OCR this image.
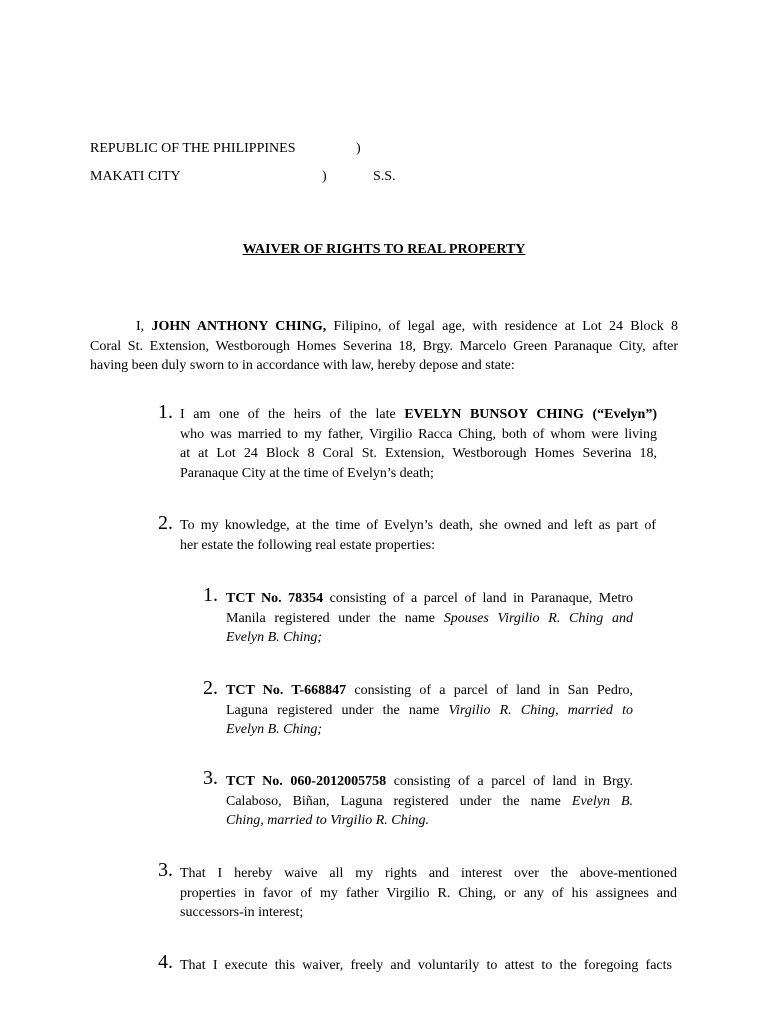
REPUBLIC OF THE PHILIPPINES	)
MAKATI CITY	)	S.S.
WAIVER OF RIGHTS TO REAL PROPERTY
I, JOHN ANTHONY CHING, Filipino, of legal age, with residence at Lot 24 Block 8
Coral St. Extension, Westborough Homes Severina 18, Brgy. Marcelo Green Paranaque City, after
having been duly sworn to in accordance with law, hereby depose and state:
1. I am one of the heirs of the late EVELYN BUNSOY CHING (“Evelyn”)
who was married to my father, Virgilio Racca Ching, both of whom were living
at at Lot 24 Block 8 Coral St. Extension, Westborough Homes Severina 18,
Paranaque City at the time of Evelyn’s death;
2. To my knowledge, at the time of Evelyn’s death, she owned and left as part of
her estate the following real estate properties:
1. TCT No. 78354 consisting of a parcel of land in Paranaque, Metro
Manila registered under the name Spouses Virgilio R. Ching and
Evelyn B. Ching;
2. TCT No. T-668847 consisting of a parcel of land in San Pedro,
Laguna registered under the name Virgilio R. Ching, married to
Evelyn B. Ching;
3. TCT No. 060-2012005758 consisting of a parcel of land in Brgy.
Calaboso, Biñan, Laguna registered under the name Evelyn B.
Ching, married to Virgilio R. Ching.
3. That I hereby waive all my rights and interest over the above-mentioned
properties in favor of my father Virgilio R. Ching, or any of his assignees and
successors-in interest;
4. That I execute this waiver, freely and voluntarily to attest to the foregoing facts
